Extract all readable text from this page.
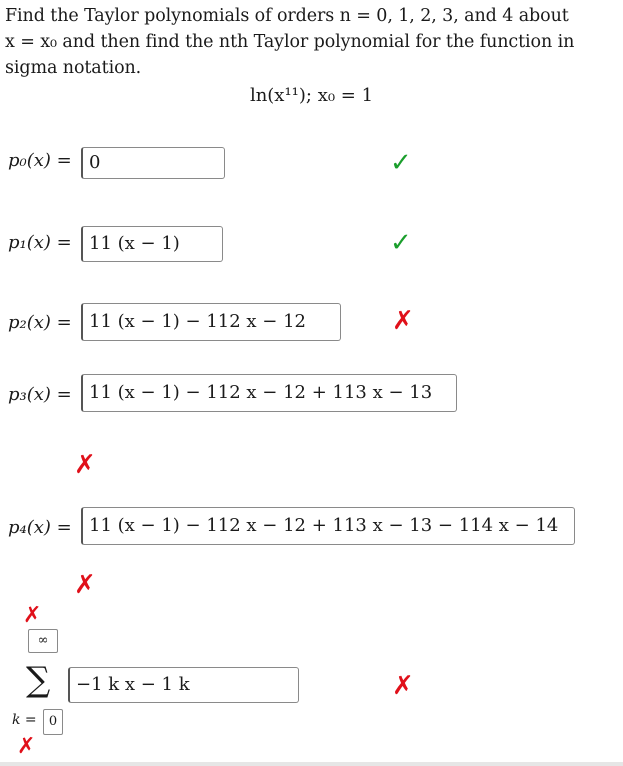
Find the Taylor polynomials of orders n = 0, 1, 2, 3, and 4 about
x = x₀ and then find the nth Taylor polynomial for the function in
sigma notation.
ln(x¹¹); x₀ = 1
p₀(x) = 0	✓
p₁(x) = 11 (x − 1)	✓
p₂(x) = 11 (x − 1) − 112 x − 12	✗
p₃(x) = 11 (x − 1) − 112 x − 12 + 113 x − 13
✗
p₄(x) = 11 (x − 1) − 112 x − 12 + 113 x − 13 − 114 x − 14
✗
✗
∞
∑	−1 k x − 1 k	✗
k = 0
✗
